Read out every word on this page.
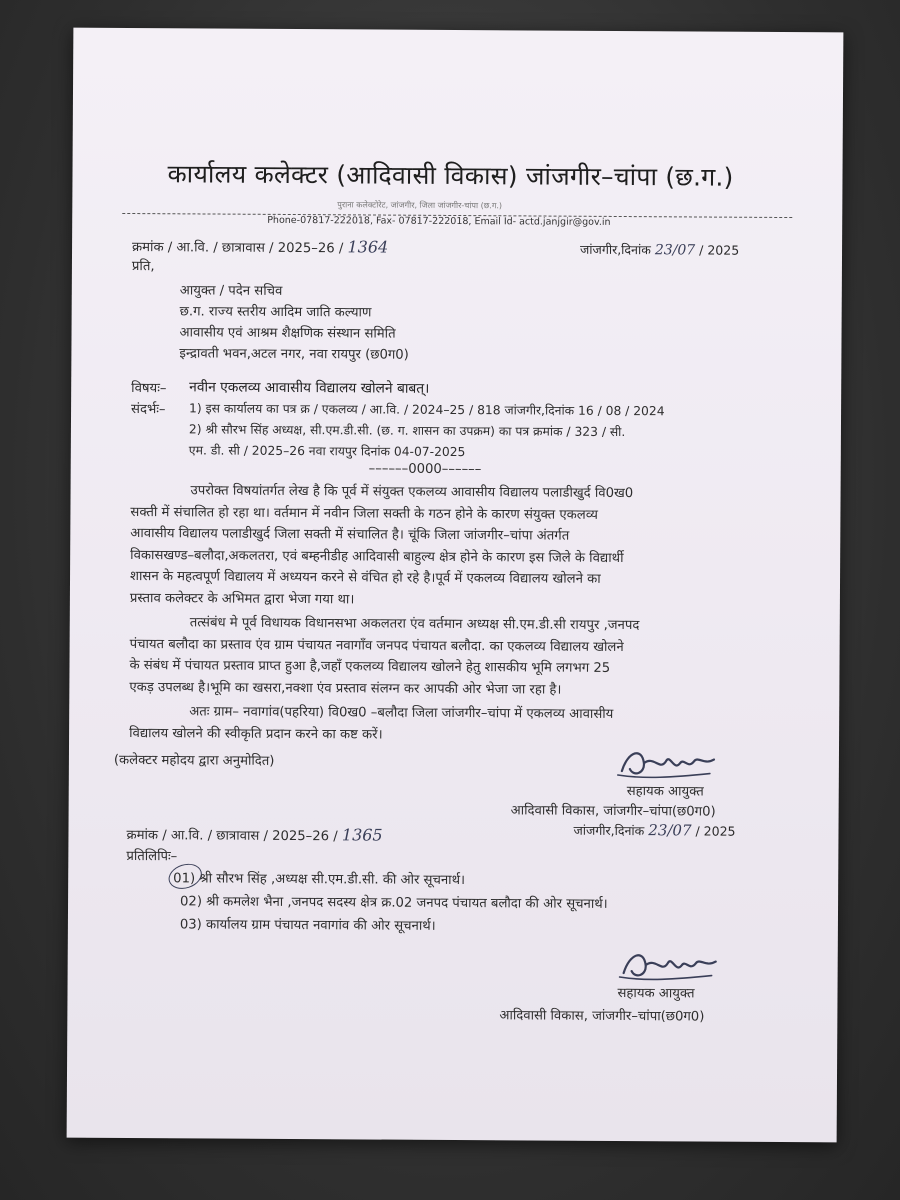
कार्यालय कलेक्टर (आदिवासी विकास) जांजगीर–चांपा (छ.ग.)
पुराना कलेक्टोरेट, जांजगीर, जिला जांजगीर-चांपा (छ.ग.)
Phone-07817-222018, Fax- 07817-222018, Email Id- actd.janjgir@gov.in
क्रमांक / आ.वि. / छात्रावास / 2025–26 / 1364	जांजगीर,दिनांक 23/07 / 2025
प्रति,
आयुक्त / पदेन सचिव
छ.ग. राज्य स्तरीय आदिम जाति कल्याण
आवासीय एवं आश्रम शैक्षणिक संस्थान समिति
इन्द्रावती भवन,अटल नगर, नवा रायपुर (छ0ग0)
विषयः– नवीन एकलव्य आवासीय विद्यालय खोलने बाबत्।
संदर्भः– 1) इस कार्यालय का पत्र क्र / एकलव्य / आ.वि. / 2024–25 / 818 जांजगीर,दिनांक 16 / 08 / 2024
2) श्री सौरभ सिंह अध्यक्ष, सी.एम.डी.सी. (छ. ग. शासन का उपक्रम) का पत्र क्रमांक / 323 / सी.
एम. डी. सी / 2025–26 नवा रायपुर दिनांक 04-07-2025
––––––0000––––––
उपरोक्त विषयांतर्गत लेख है कि पूर्व में संयुक्त एकलव्य आवासीय विद्यालय पलाडीखुर्द वि0ख0
सक्ती में संचालित हो रहा था। वर्तमान में नवीन जिला सक्ती के गठन होने के कारण संयुक्त एकलव्य
आवासीय विद्यालय पलाडीखुर्द जिला सक्ती में संचालित है। चूंकि जिला जांजगीर–चांपा अंतर्गत
विकासखण्ड–बलौदा,अकलतरा, एवं बम्हनीडीह आदिवासी बाहुल्य क्षेत्र होने के कारण इस जिले के विद्यार्थी
शासन के महत्वपूर्ण विद्यालय में अध्ययन करने से वंचित हो रहे है।पूर्व में एकलव्य विद्यालय खोलने का
प्रस्ताव कलेक्टर के अभिमत द्वारा भेजा गया था।
तत्संबंध मे पूर्व विधायक विधानसभा अकलतरा एंव वर्तमान अध्यक्ष सी.एम.डी.सी रायपुर ,जनपद
पंचायत बलौदा का प्रस्ताव एंव ग्राम पंचायत नवागाँव जनपद पंचायत बलौदा. का एकलव्य विद्यालय खोलने
के संबंध में पंचायत प्रस्ताव प्राप्त हुआ है,जहाँ एकलव्य विद्यालय खोलने हेतु शासकीय भूमि लगभग 25
एकड़ उपलब्ध है।भूमि का खसरा,नक्शा एंव प्रस्ताव संलग्न कर आपकी ओर भेजा जा रहा है।
अतः ग्राम– नवागांव(पहरिया) वि0ख0 –बलौदा जिला जांजगीर–चांपा में एकलव्य आवासीय
विद्यालय खोलने की स्वीकृति प्रदान करने का कष्ट करें।
(कलेक्टर महोदय द्वारा अनुमोदित)
सहायक आयुक्त
आदिवासी विकास, जांजगीर–चांपा(छ0ग0)
जांजगीर,दिनांक 23/07 / 2025
क्रमांक / आ.वि. / छात्रावास / 2025–26 / 1365
प्रतिलिपिः–
01) श्री सौरभ सिंह ,अध्यक्ष सी.एम.डी.सी. की ओर सूचनार्थ।
02) श्री कमलेश भैना ,जनपद सदस्य क्षेत्र क्र.02 जनपद पंचायत बलौदा की ओर सूचनार्थ।
03) कार्यालय ग्राम पंचायत नवागांव की ओर सूचनार्थ।
सहायक आयुक्त
आदिवासी विकास, जांजगीर–चांपा(छ0ग0)
